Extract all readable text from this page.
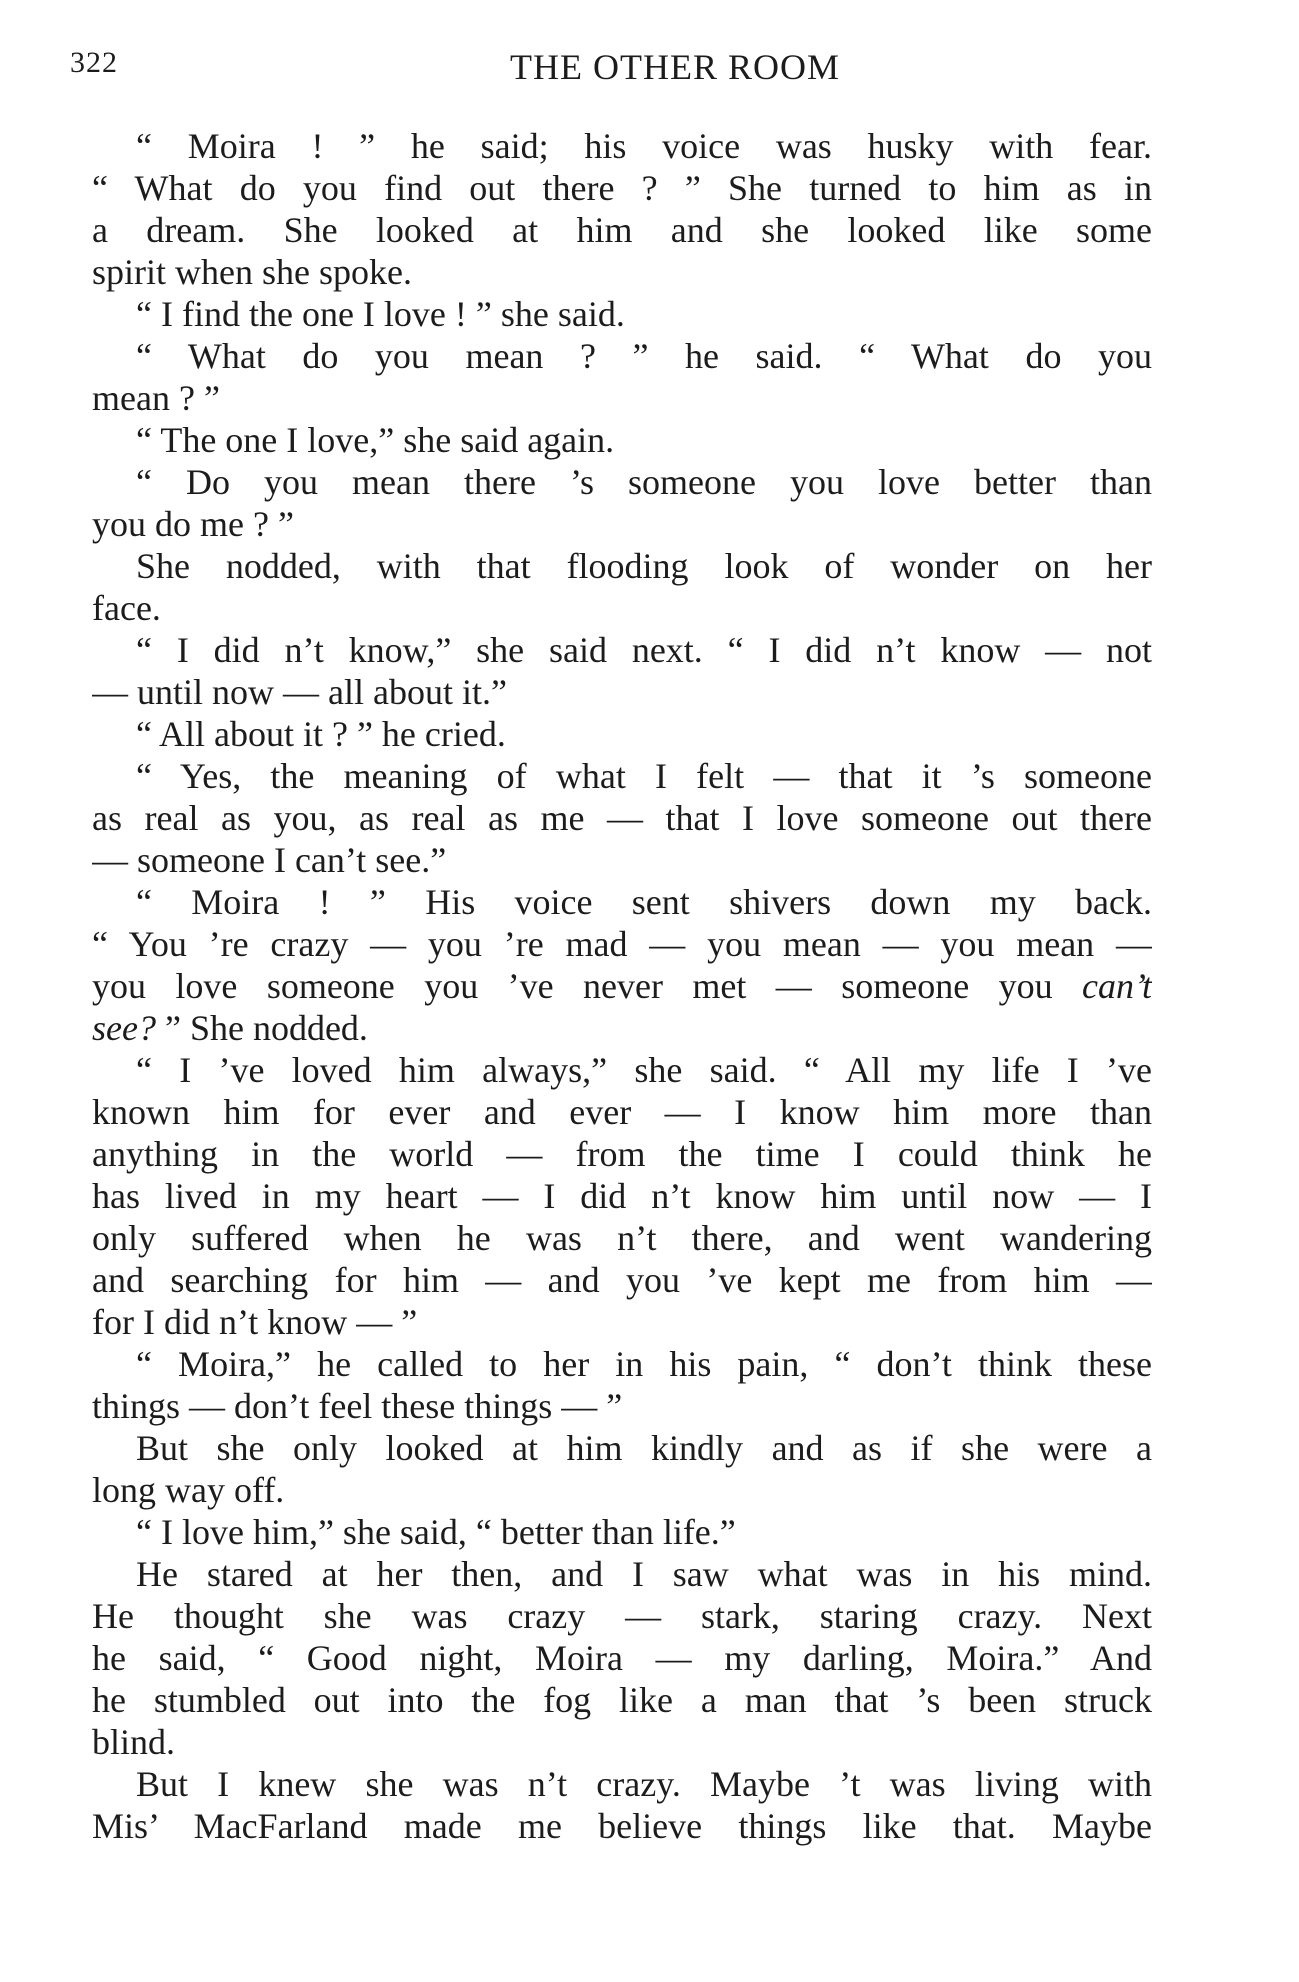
322	THE OTHER ROOM
“ Moira ! ” he said; his voice was husky with fear.
“ What do you find out there ? ” She turned to him as in
a dream. She looked at him and she looked like some
spirit when she spoke.
“ I find the one I love ! ” she said.
“ What do you mean ? ” he said. “ What do you
mean ? ”
“ The one I love,” she said again.
“ Do you mean there ’s someone you love better than
you do me ? ”
She nodded, with that flooding look of wonder on her
face.
“ I did n’t know,” she said next. “ I did n’t know — not
— until now — all about it.”
“ All about it ? ” he cried.
“ Yes, the meaning of what I felt — that it ’s someone
as real as you, as real as me — that I love someone out there
— someone I can’t see.”
“ Moira ! ” His voice sent shivers down my back.
“ You ’re crazy — you ’re mad — you mean — you mean —
you love someone you ’ve never met — someone you can’t
see? ” She nodded.
“ I ’ve loved him always,” she said. “ All my life I ’ve
known him for ever and ever — I know him more than
anything in the world — from the time I could think he
has lived in my heart — I did n’t know him until now — I
only suffered when he was n’t there, and went wandering
and searching for him — and you ’ve kept me from him —
for I did n’t know — ”
“ Moira,” he called to her in his pain, “ don’t think these
things — don’t feel these things — ”
But she only looked at him kindly and as if she were a
long way off.
“ I love him,” she said, “ better than life.”
He stared at her then, and I saw what was in his mind.
He thought she was crazy — stark, staring crazy. Next
he said, “ Good night, Moira — my darling, Moira.” And
he stumbled out into the fog like a man that ’s been struck
blind.
But I knew she was n’t crazy. Maybe ’t was living with
Mis’ MacFarland made me believe things like that. Maybe
